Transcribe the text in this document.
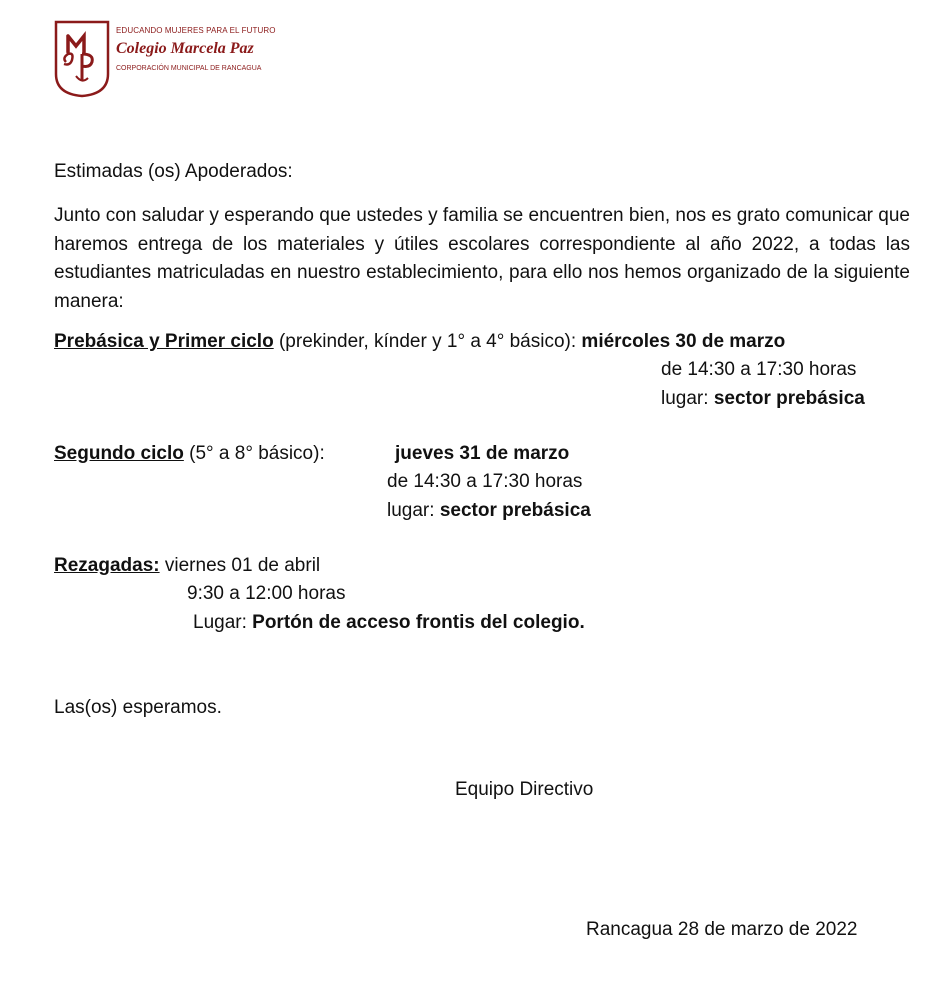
EDUCANDO MUJERES PARA EL FUTURO
Colegio Marcela Paz
CORPORACIÓN MUNICIPAL DE RANCAGUA
Estimadas (os) Apoderados:
Junto con saludar y esperando que ustedes y familia se encuentren bien, nos es grato comunicar que haremos entrega de los materiales y útiles escolares correspondiente al año 2022, a todas las estudiantes matriculadas en nuestro establecimiento, para ello nos hemos organizado de la siguiente manera:
Prebásica y Primer ciclo (prekinder, kínder y 1° a 4° básico): miércoles 30 de marzo
de 14:30 a 17:30 horas
lugar: sector prebásica
Segundo ciclo (5° a 8° básico):	jueves 31 de marzo
de 14:30 a 17:30 horas
lugar: sector prebásica
Rezagadas: viernes 01 de abril
9:30 a 12:00 horas
Lugar: Portón de acceso frontis del colegio.
Las(os) esperamos.
Equipo Directivo
Rancagua 28 de marzo de 2022
